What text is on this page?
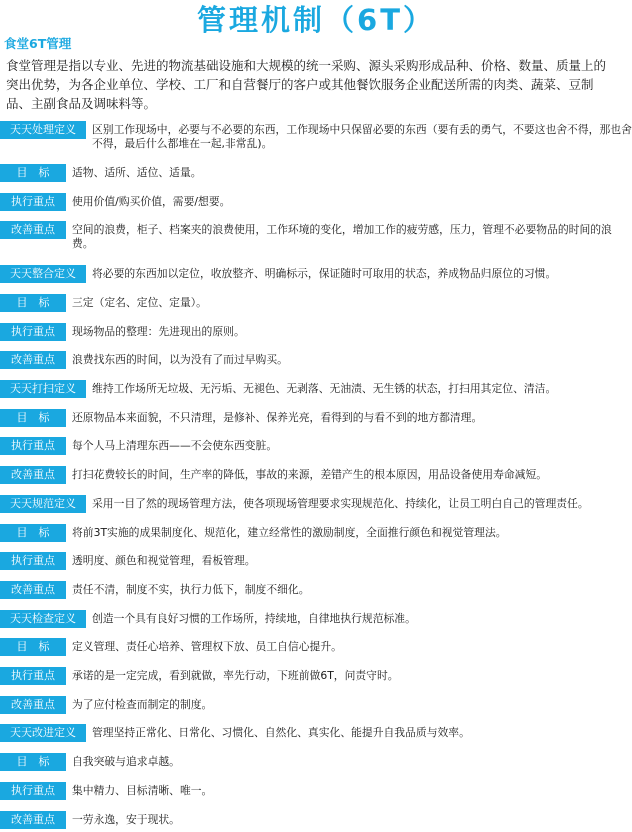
管理机制（6T）
食堂6T管理

食堂管理是指以专业、先进的物流基础设施和大规模的统一采购、源头采购形成品种、价格、数量、质量上的突出优势，为各企业单位、学校、工厂和自营餐厅的客户或其他餐饮服务企业配送所需的肉类、蔬菜、豆制品、主副食品及调味料等。

天天处理定义	区别工作现场中，必要与不必要的东西，工作现场中只保留必要的东西（要有丢的勇气，不要这也舍不得，那也舍不得，最后什么都堆在一起,非常乱)。
目　标	适物、适所、适位、适量。
执行重点	使用价值/购买价值，需要/想要。
改善重点	空间的浪费，柜子、档案夹的浪费使用，工作环境的变化，增加工作的疲劳感，压力，管理不必要物品的时间的浪费。
天天整合定义	将必要的东西加以定位，收放整齐、明确标示，保证随时可取用的状态，养成物品归原位的习惯。
目　标	三定（定名、定位、定量）。
执行重点	现场物品的整理：先进现出的原则。
改善重点	浪费找东西的时间，以为没有了而过早购买。
天天打扫定义	维持工作场所无垃圾、无污垢、无褪色、无剥落、无油渍、无生锈的状态，打扫用其定位、清洁。
目　标	还原物品本来面貌，不只清理，是修补、保养光亮，看得到的与看不到的地方都清理。
执行重点	每个人马上清理东西——不会使东西变脏。
改善重点	打扫花费较长的时间，生产率的降低，事故的来源，差错产生的根本原因，用品设备使用寿命减短。
天天规范定义	采用一目了然的现场管理方法，使各项现场管理要求实现规范化、持续化，让员工明白自己的管理责任。
目　标	将前3T实施的成果制度化、规范化，建立经常性的激励制度，全面推行颜色和视觉管理法。
执行重点	透明度、颜色和视觉管理，看板管理。
改善重点	责任不清，制度不实，执行力低下，制度不细化。
天天检查定义	创造一个具有良好习惯的工作场所，持续地，自律地执行规范标准。
目　标	定义管理、责任心培养、管理权下放、员工自信心提升。
执行重点	承诺的是一定完成，看到就做，率先行动，下班前做6T，问责守时。
改善重点	为了应付检查而制定的制度。
天天改进定义	管理坚持正常化、日常化、习惯化、自然化、真实化、能提升自我品质与效率。
目　标	自我突破与追求卓越。
执行重点	集中精力、目标清晰、唯一。
改善重点	一劳永逸，安于现状。
